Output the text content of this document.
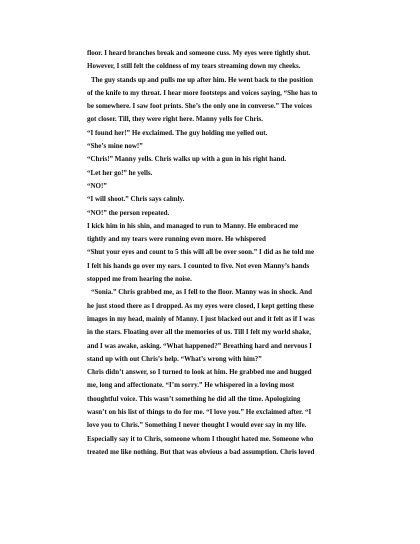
floor. I heard branches break and someone cuss. My eyes were tightly shut.
However, I still felt the coldness of my tears streaming down my cheeks.
The guy stands up and pulls me up after him. He went back to the position
of the knife to my throat. I hear more footsteps and voices saying, “She has to
be somewhere. I saw foot prints. She’s the only one in converse.” The voices
got closer. Till, they were right here. Manny yells for Chris.
“I found her!” He exclaimed. The guy holding me yelled out.
“She’s mine now!”
“Chris!” Manny yells. Chris walks up with a gun in his right hand.
“Let her go!” he yells.
“NO!”
“I will shoot.” Chris says calmly.
“NO!” the person repeated.
I kick him in his shin, and managed to run to Manny. He embraced me
tightly and my tears were running even more. He whispered
“Shut your eyes and count to 5 this will all be over soon.” I did as he told me
I felt his hands go over my ears. I counted to five. Not even Manny’s hands
stopped me from hearing the noise.
“Sonia.” Chris grabbed me, as I fell to the floor. Manny was in shock. And
he just stood there as I dropped. As my eyes were closed, I kept getting these
images in my head, mainly of Manny. I just blacked out and it felt as if I was
in the stars. Floating over all the memories of us. Till I felt my world shake,
and I was awake, asking. “What happened?” Breathing hard and nervous I
stand up with out Chris’s help. “What’s wrong with him?”
Chris didn’t answer, so I turned to look at him. He grabbed me and hugged
me, long and affectionate. “I’m sorry.” He whispered in a loving most
thoughtful voice. This wasn’t something he did all the time. Apologizing
wasn’t on his list of things to do for me. “I love you.” He exclaimed after. “I
love you to Chris.” Something I never thought I would ever say in my life.
Especially say it to Chris, someone whom I thought hated me. Someone who
treated me like nothing. But that was obvious a bad assumption. Chris loved
